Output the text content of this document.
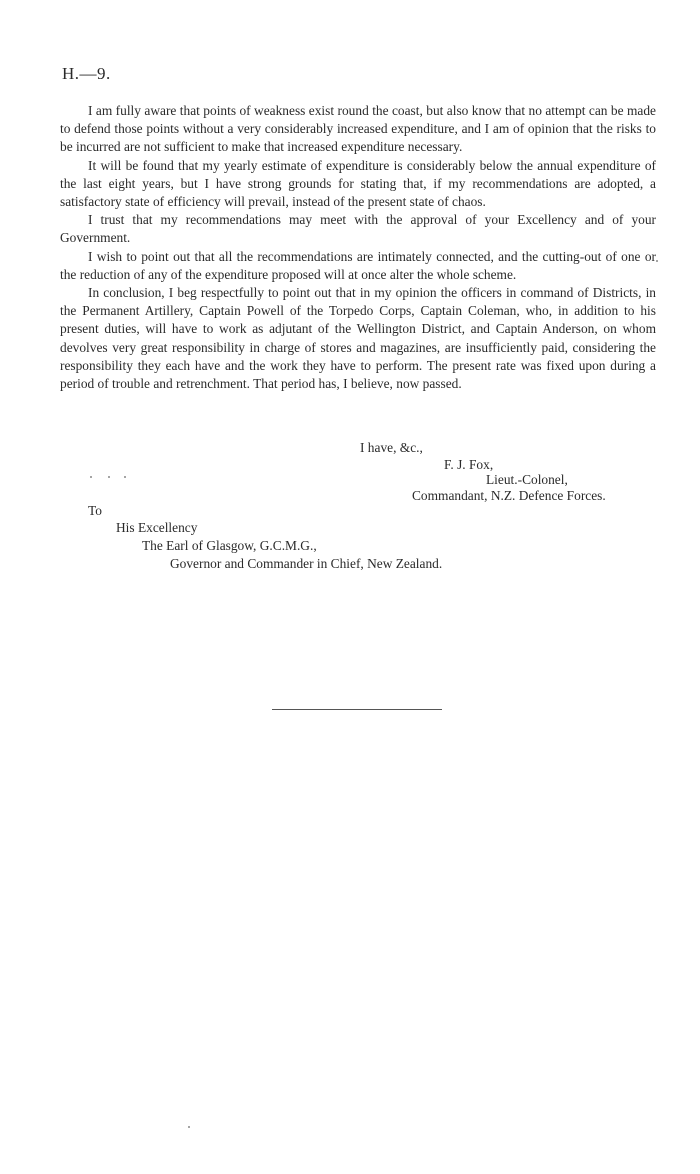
H.—9.

I am fully aware that points of weakness exist round the coast, but also know that no attempt can be made to defend those points without a very considerably increased expenditure, and I am of opinion that the risks to be incurred are not sufficient to make that increased expenditure necessary.

It will be found that my yearly estimate of expenditure is considerably below the annual expenditure of the last eight years, but I have strong grounds for stating that, if my recommendations are adopted, a satisfactory state of efficiency will prevail, instead of the present state of chaos.

I trust that my recommendations may meet with the approval of your Excellency and of your Government.

I wish to point out that all the recommendations are intimately connected, and the cutting-out of one or the reduction of any of the expenditure proposed will at once alter the whole scheme.

In conclusion, I beg respectfully to point out that in my opinion the officers in command of Districts, in the Permanent Artillery, Captain Powell of the Torpedo Corps, Captain Coleman, who, in addition to his present duties, will have to work as adjutant of the Wellington District, and Captain Anderson, on whom devolves very great responsibility in charge of stores and magazines, are insufficiently paid, considering the responsibility they each have and the work they have to perform. The present rate was fixed upon during a period of trouble and retrenchment. That period has, I believe, now passed.

I have, &c.,
F. J. Fox,
Lieut.-Colonel,
Commandant, N.Z. Defence Forces.
To
His Excellency
The Earl of Glasgow, G.C.M.G.,
Governor and Commander in Chief, New Zealand.
